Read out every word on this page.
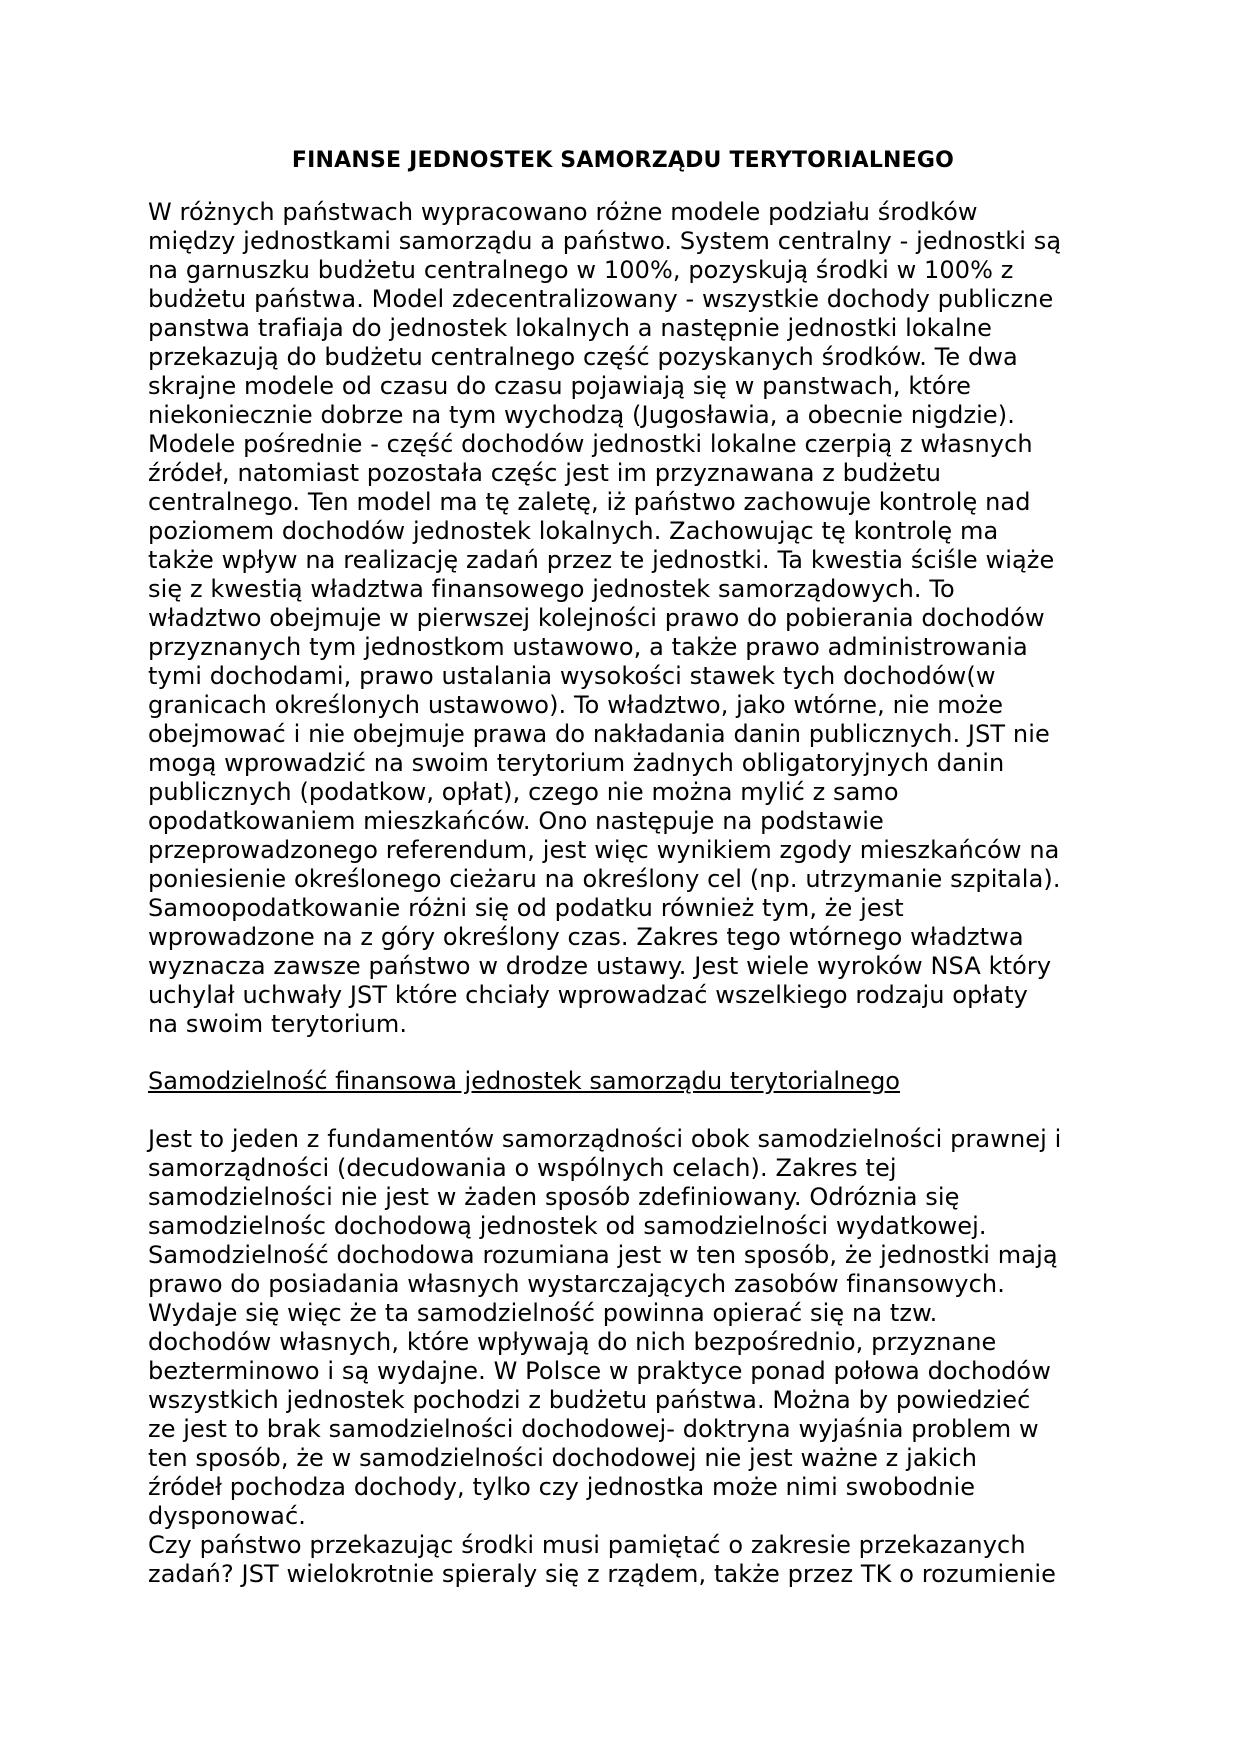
FINANSE JEDNOSTEK SAMORZĄDU TERYTORIALNEGO
W różnych państwach wypracowano różne modele podziału środków
między jednostkami samorządu a państwo. System centralny - jednostki są
na garnuszku budżetu centralnego w 100%, pozyskują środki w 100% z
budżetu państwa. Model zdecentralizowany - wszystkie dochody publiczne
panstwa trafiaja do jednostek lokalnych a następnie jednostki lokalne
przekazują do budżetu centralnego część pozyskanych środków. Te dwa
skrajne modele od czasu do czasu pojawiają się w panstwach, które
niekoniecznie dobrze na tym wychodzą (Jugosławia, a obecnie nigdzie).
Modele pośrednie - część dochodów jednostki lokalne czerpią z własnych
źródeł, natomiast pozostała częśc jest im przyznawana z budżetu
centralnego. Ten model ma tę zaletę, iż państwo zachowuje kontrolę nad
poziomem dochodów jednostek lokalnych. Zachowując tę kontrolę ma
także wpływ na realizację zadań przez te jednostki. Ta kwestia ściśle wiąże
się z kwestią władztwa finansowego jednostek samorządowych. To
władztwo obejmuje w pierwszej kolejności prawo do pobierania dochodów
przyznanych tym jednostkom ustawowo, a także prawo administrowania
tymi dochodami, prawo ustalania wysokości stawek tych dochodów(w
granicach określonych ustawowo). To władztwo, jako wtórne, nie może
obejmować i nie obejmuje prawa do nakładania danin publicznych. JST nie
mogą wprowadzić na swoim terytorium żadnych obligatoryjnych danin
publicznych (podatkow, opłat), czego nie można mylić z samo
opodatkowaniem mieszkańców. Ono następuje na podstawie
przeprowadzonego referendum, jest więc wynikiem zgody mieszkańców na
poniesienie określonego cieżaru na określony cel (np. utrzymanie szpitala).
Samoopodatkowanie różni się od podatku również tym, że jest
wprowadzone na z góry określony czas. Zakres tego wtórnego władztwa
wyznacza zawsze państwo w drodze ustawy. Jest wiele wyroków NSA który
uchylał uchwały JST które chciały wprowadzać wszelkiego rodzaju opłaty
na swoim terytorium.
Samodzielność finansowa jednostek samorządu terytorialnego
Jest to jeden z fundamentów samorządności obok samodzielności prawnej i
samorządności (decudowania o wspólnych celach). Zakres tej
samodzielności nie jest w żaden sposób zdefiniowany. Odróznia się
samodzielnośc dochodową jednostek od samodzielności wydatkowej.
Samodzielność dochodowa rozumiana jest w ten sposób, że jednostki mają
prawo do posiadania własnych wystarczających zasobów finansowych.
Wydaje się więc że ta samodzielność powinna opierać się na tzw.
dochodów własnych, które wpływają do nich bezpośrednio, przyznane
bezterminowo i są wydajne. W Polsce w praktyce ponad połowa dochodów
wszystkich jednostek pochodzi z budżetu państwa. Można by powiedzieć
ze jest to brak samodzielności dochodowej- doktryna wyjaśnia problem w
ten sposób, że w samodzielności dochodowej nie jest ważne z jakich
źródeł pochodza dochody, tylko czy jednostka może nimi swobodnie
dysponować.
Czy państwo przekazując środki musi pamiętać o zakresie przekazanych
zadań? JST wielokrotnie spieraly się z rządem, także przez TK o rozumienie
